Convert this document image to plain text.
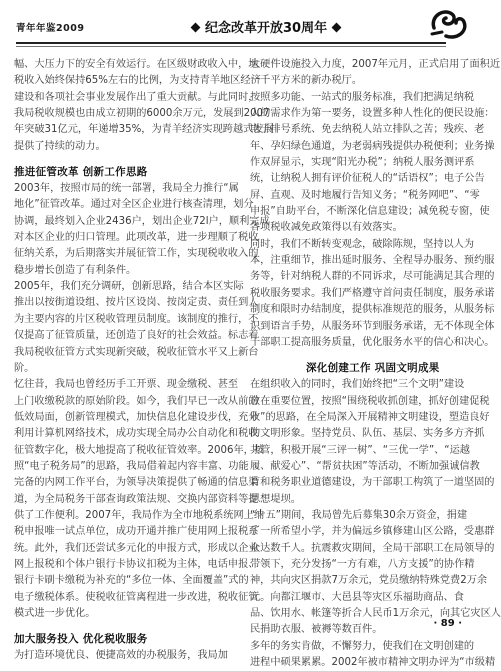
青年年鉴2009	纪念改革开放30周年
幅、大压力下的安全有效运行。在区级财政收入中，地
税收入始终保持65%左右的比例，为支持青羊地区经济
建设和各项社会事业发展作出了重大贡献。与此同时，
我局税收规模也由成立初期的6000余万元，发展到2007
年突破31亿元，年递增35%，为青羊经济实现跨越式发展
提供了持续的动力。
推进征管改革 创新工作思路
2003年，按照市局的统一部署，我局全力推行“属
地化”征管改革。通过对全区企业进行核查清理，划分
协调，最终划入企业2436户，划出企业72l户，顺利完成
对本区企业的归口管理。此项改革，进一步理顺了税收
征纳关系，为后期落实并展征管工作，实现税收收入的
稳步增长创造了有利条件。
2005年，我们充分调研，创新思路，结合本区实际
推出以按街道设组、按片区设岗、按岗定责、责任到人
为主要内容的片区税收管理员制度。该制度的推行，不
仅提高了征管质量，还创造了良好的社会效益。标志着
我局税收征管方式实现新突破，税收征管水平又上新台
阶。
忆往昔，我局也曾经历手工开票、现金缴税、甚至
上门收缴税款的原始阶段。如今，我们早已一改从前的
低效局面，创新管理模式，加快信息化建设步伐，充分
利用计算机网络技术，成功实现全局办公自动化和税收
征管数字化，极大地提高了税收征管效率。2006年，按
照“电子税务局”的思路，我局借着起内容丰富、功能
完备的内网工作平台，为领导决策提供了畅通的信息渠
道，为全局税务干部查询政策法规、交换内部资料等提
供了工作便利。2007年，我局作为全市地税系统网上纳
税申报唯一试点单位，成功开通并推广使用网上报税系
统。此外，我们还尝试多元化的申报方式，形成以企业
网上报税和个体户银行卡协议扣税为主体，电话申报、
银行卡刷卡缴税为补充的“多位一体、全面覆盖”式的
电子缴税体系。使税收征管离程进一步改进，税收征管
模式进一步优化。
加大服务投入 优化税收服务
为打造环境优良、便捷高效的办税服务，我局加
大硬件设施投入力度，2007年元月，正式启用了面积近
一千平方米的新办税厅。
按照多功能、一站式的服务标准，我们把满足纳税
人的需求作为第一要务，设置多种人性化的便民设施：
电子排号系统、免去纳税人站立排队之苦；残疾、老
年、孕妇绿色通道，为老弱病残提供办税便利；业务操
作双屏显示，实现“阳光办税”；纳税人服务测评系
统，让纳税人拥有评价征税人的“话语权”；电子公告
屏、直观、及时地履行告知义务；“税务网吧”、“零
申报”自助平台，不断深化信息建设；减免税专窗，使
各项税收减免政策得以有效落实。
同时，我们不断转变观念，破除陈规，坚持以人为
本，注重细节，推出延时服务、全程导办服务、预约服
务等，针对纳税人群的不同诉求，尽可能满足其合理的
税收服务要求。我们严格遵守首问责任制度，服务承诺
制度和限时办结制度，提供标准规范的服务，从服务标
识到语言手势，从服务环节到服务承诺，无不体现全体
干部职工提高服务质量，优化服务水平的信心和决心。
深化创建工作 巩固文明成果
在组织收入的同时，我们始终把“三个文明”建设
放在重要位置，按照“围绕税收抓创建，抓好创建促税
收”的思路，在全局深入开展精神文明建设，塑造良好
的文明形象。坚持党员、队伍、基层、实务多方齐抓
共管，积极开展“三评一树”、“三优一学”、“运越
履、献爱心”、“帮贫扶困”等活动，不断加强诚信教
育和税务职业道德建设，为干部职工构筑了一道坚固的
思想堤坝。
“十五”期间，我局曾先后募集30余万资金，捐建
了一所希望小学，并为偏远乡镇修建山区公路，受惠群
众达数千人。抗震救灾期间，全局干部职工在局领导的
带领下，充分发扬“一方有难，八方支援”的协作精
神，共向灾区捐款7万余元，党员缴纳特殊党费2万余
元。向都江堰市、大邑县等灾区乐福助商品、食
品、饮用水、帐篷等折合人民币1万余元，向其它灾区人
民捐助衣服、被褥等数百件。
多年的务实肯做，不懈努力，使我们在文明创建的
进程中硕果累累。2002年被市精神文明办评为“市级精
· 89 ·
